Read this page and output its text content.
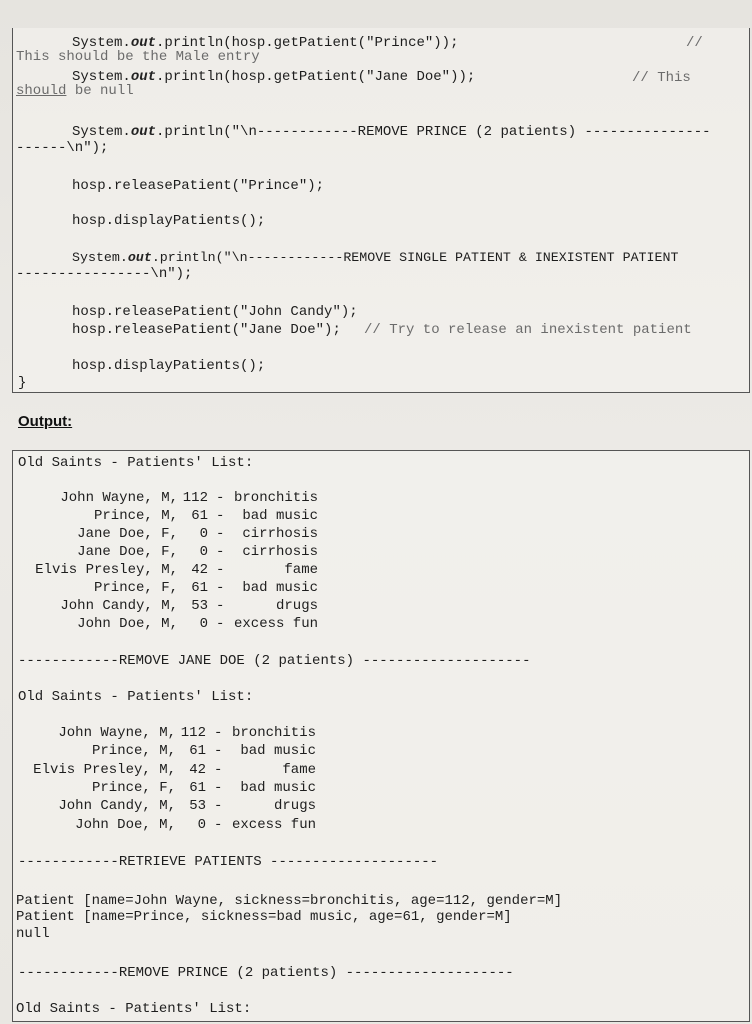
System.out.println(hosp.getPatient("Prince"));	//
This should be the Male entry
System.out.println(hosp.getPatient("Jane Doe"));	// This
should be null
System.out.println("\n------------REMOVE PRINCE (2 patients) ---------------
------\n");
hosp.releasePatient("Prince");
hosp.displayPatients();
System.out.println("\n------------REMOVE SINGLE PATIENT & INEXISTENT PATIENT
----------------\n");
hosp.releasePatient("John Candy");
hosp.releasePatient("Jane Doe"); // Try to release an inexistent patient
hosp.displayPatients();
}
Output:
Old Saints - Patients' List:
John Wayne, M, 112 - bronchitis
Prince, M, 61 - bad music
Jane Doe, F, 0 - cirrhosis
Jane Doe, F, 0 - cirrhosis
Elvis Presley, M, 42 -	fame
Prince, F, 61 - bad music
John Candy, M, 53 -	drugs
John Doe, M, 0 - excess fun
------------REMOVE JANE DOE (2 patients) --------------------
Old Saints - Patients' List:
John Wayne, M, 112 - bronchitis
Prince, M, 61 - bad music
Elvis Presley, M, 42 -	fame
Prince, F, 61 - bad music
John Candy, M, 53 -	drugs
John Doe, M, 0 - excess fun
------------RETRIEVE PATIENTS --------------------
Patient [name=John Wayne, sickness=bronchitis, age=112, gender=M]
Patient [name=Prince, sickness=bad music, age=61, gender=M]
null
------------REMOVE PRINCE (2 patients) --------------------
Old Saints - Patients' List:
